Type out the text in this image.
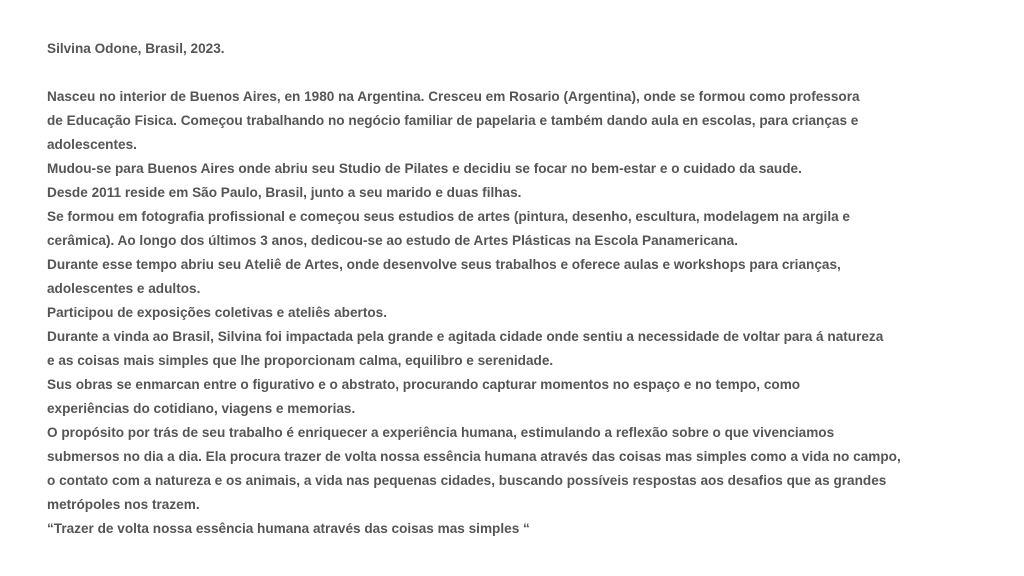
Silvina Odone, Brasil, 2023.
Nasceu no interior de Buenos Aires, en 1980 na Argentina. Cresceu em Rosario (Argentina), onde se formou como professora
de Educação Fisica. Começou trabalhando no negócio familiar de papelaria e também dando aula en escolas, para crianças e
adolescentes.
Mudou-se para Buenos Aires onde abriu seu Studio de Pilates e decidiu se focar no bem-estar e o cuidado da saude.
Desde 2011 reside em São Paulo, Brasil, junto a seu marido e duas filhas.
Se formou em fotografia profissional e começou seus estudios de artes (pintura, desenho, escultura, modelagem na argila e
cerâmica). Ao longo dos últimos 3 anos, dedicou-se ao estudo de Artes Plásticas na Escola Panamericana.
Durante esse tempo abriu seu Ateliê de Artes, onde desenvolve seus trabalhos e oferece aulas e workshops para crianças,
adolescentes e adultos.
Participou de exposições coletivas e ateliês abertos.
Durante a vinda ao Brasil, Silvina foi impactada pela grande e agitada cidade onde sentiu a necessidade de voltar para á natureza
e as coisas mais simples que lhe proporcionam calma, equilibro e serenidade.
Sus obras se enmarcan entre o figurativo e o abstrato, procurando capturar momentos no espaço e no tempo, como
experiências do cotidiano, viagens e memorias.
O propósito por trás de seu trabalho é enriquecer a experiência humana, estimulando a reflexão sobre o que vivenciamos
submersos no dia a dia. Ela procura trazer de volta nossa essência humana através das coisas mas simples como a vida no campo,
o contato com a natureza e os animais, a vida nas pequenas cidades, buscando possíveis respostas aos desafios que as grandes
metrópoles nos trazem.
“Trazer de volta nossa essência humana através das coisas mas simples “
